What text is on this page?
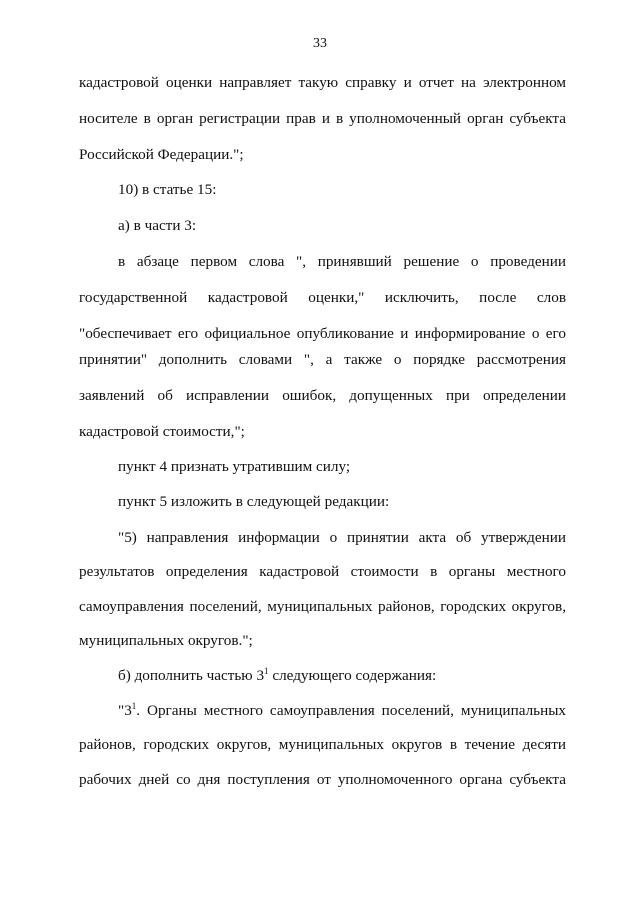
33
кадастровой оценки направляет такую справку и отчет на электронном
носителе в орган регистрации прав и в уполномоченный орган субъекта
Российской Федерации.";
10) в статье 15:
а) в части 3:
в абзаце первом слова ", принявший решение о проведении
государственной кадастровой оценки," исключить, после слов
"обеспечивает его официальное опубликование и информирование о его
принятии" дополнить словами ", а также о порядке рассмотрения
заявлений об исправлении ошибок, допущенных при определении
кадастровой стоимости,";
пункт 4 признать утратившим силу;
пункт 5 изложить в следующей редакции:
"5) направления информации о принятии акта об утверждении
результатов определения кадастровой стоимости в органы местного
самоуправления поселений, муниципальных районов, городских округов,
муниципальных округов.";
б) дополнить частью $3^1$ следующего содержания:
"$3^1$. Органы местного самоуправления поселений, муниципальных
районов, городских округов, муниципальных округов в течение десяти
рабочих дней со дня поступления от уполномоченного органа субъекта
